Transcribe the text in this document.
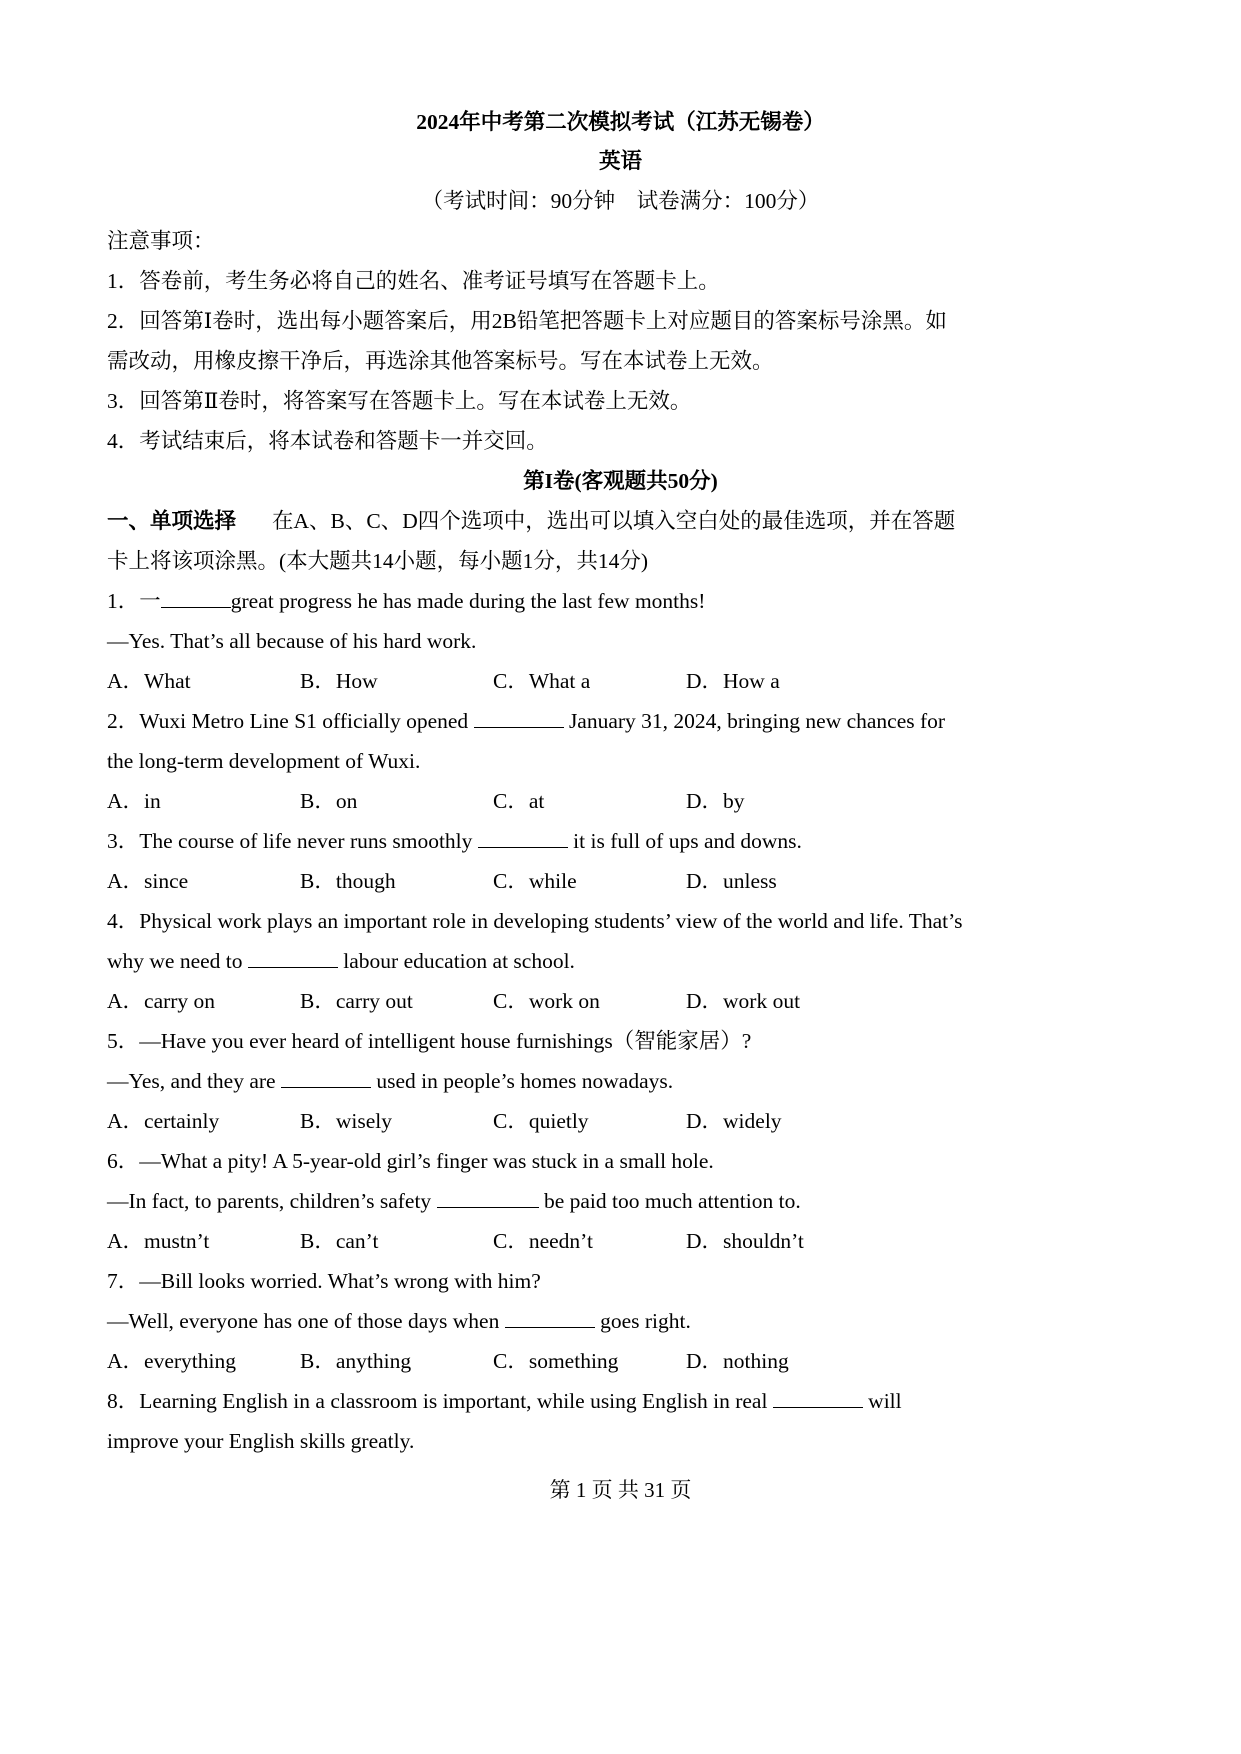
2024年中考第二次模拟考试（江苏无锡卷）
英语
（考试时间：90分钟　试卷满分：100分）
注意事项：
1．答卷前，考生务必将自己的姓名、准考证号填写在答题卡上。
2．回答第Ⅰ卷时，选出每小题答案后，用2B铅笔把答题卡上对应题目的答案标号涂黑。如
需改动，用橡皮擦干净后，再选涂其他答案标号。写在本试卷上无效。
3．回答第Ⅱ卷时，将答案写在答题卡上。写在本试卷上无效。
4．考试结束后，将本试卷和答题卡一并交回。
第I卷(客观题共50分)
一、单项选择 在A、B、C、D四个选项中，选出可以填入空白处的最佳选项，并在答题
卡上将该项涂黑。(本大题共14小题，每小题1分，共14分)
1．一	great progress he has made during the last few months!
—Yes. That’s all because of his hard work.
A．What	B．How	C．What a	D．How a
2．Wuxi Metro Line S1 officially opened	January 31, 2024, bringing new chances for
the long-term development of Wuxi.
A．in	B．on	C．at	D．by
3．The course of life never runs smoothly	it is full of ups and downs.
A．since	B．though	C．while	D．unless
4．Physical work plays an important role in developing students’ view of the world and life. That’s
why we need to	labour education at school.
A．carry on	B．carry out	C．work on	D．work out
5．—Have you ever heard of intelligent house furnishings（智能家居）?
—Yes, and they are	used in people’s homes nowadays.
A．certainly	B．wisely	C．quietly	D．widely
6．—What a pity! A 5-year-old girl’s finger was stuck in a small hole.
—In fact, to parents, children’s safety	be paid too much attention to.
A．mustn’t	B．can’t	C．needn’t	D．shouldn’t
7．—Bill looks worried. What’s wrong with him?
—Well, everyone has one of those days when	goes right.
A．everything	B．anything	C．something	D．nothing
8．Learning English in a classroom is important, while using English in real	will
improve your English skills greatly.
第 1 页 共 31 页
